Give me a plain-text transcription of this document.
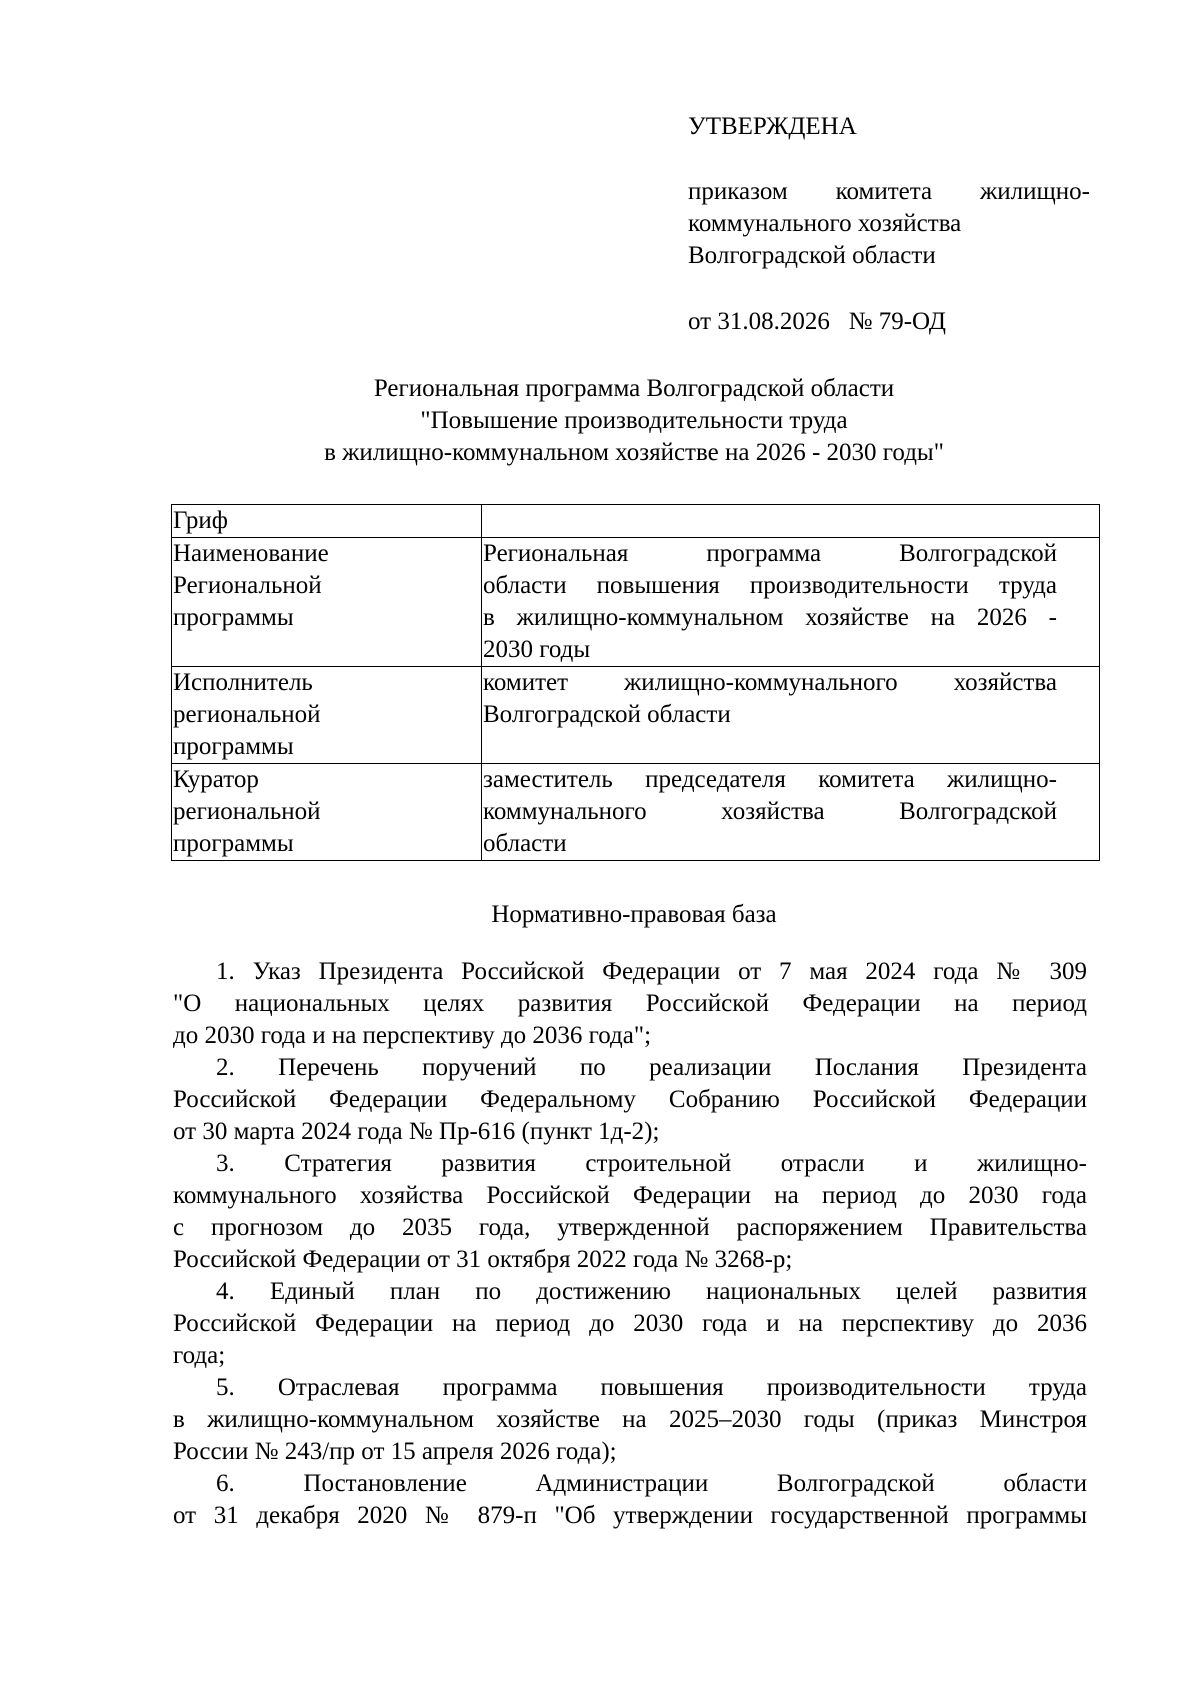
УТВЕРЖДЕНА

приказом комитета жилищно-
коммунального хозяйства
Волгоградской области
от 31.08.2026   № 79-ОД
Региональная программа Волгоградской области
"Повышение производительности труда
в жилищно-коммунальном хозяйстве на 2026 - 2030 годы"
Гриф	

Наименование
Региональной
программы	Региональная программа Волгоградской
области повышения производительности труда
в жилищно-коммунальном хозяйстве на 2026 -
2030 годы

Исполнитель
региональной
программы	комитет жилищно-коммунального хозяйства
Волгоградской области

Куратор
региональной
программы	заместитель председателя комитета жилищно-
коммунального хозяйства Волгоградской
области

Нормативно-правовая база

1. Указ Президента Российской Федерации от 7 мая 2024 года № 309
"О национальных целях развития Российской Федерации на период
до 2030 года и на перспективу до 2036 года";
2. Перечень поручений по реализации Послания Президента
Российской Федерации Федеральному Собранию Российской Федерации
от 30 марта 2024 года № Пр-616 (пункт 1д-2);
3. Стратегия развития строительной отрасли и жилищно-
коммунального хозяйства Российской Федерации на период до 2030 года
с прогнозом до 2035 года, утвержденной распоряжением Правительства
Российской Федерации от 31 октября 2022 года № 3268-р;
4. Единый план по достижению национальных целей развития
Российской Федерации на период до 2030 года и на перспективу до 2036
года;
5. Отраслевая программа повышения производительности труда
в жилищно-коммунальном хозяйстве на 2025–2030 годы (приказ Минстроя
России № 243/пр от 15 апреля 2026 года);
6. Постановление Администрации Волгоградской области
от 31 декабря 2020 № 879-п "Об утверждении государственной программы
